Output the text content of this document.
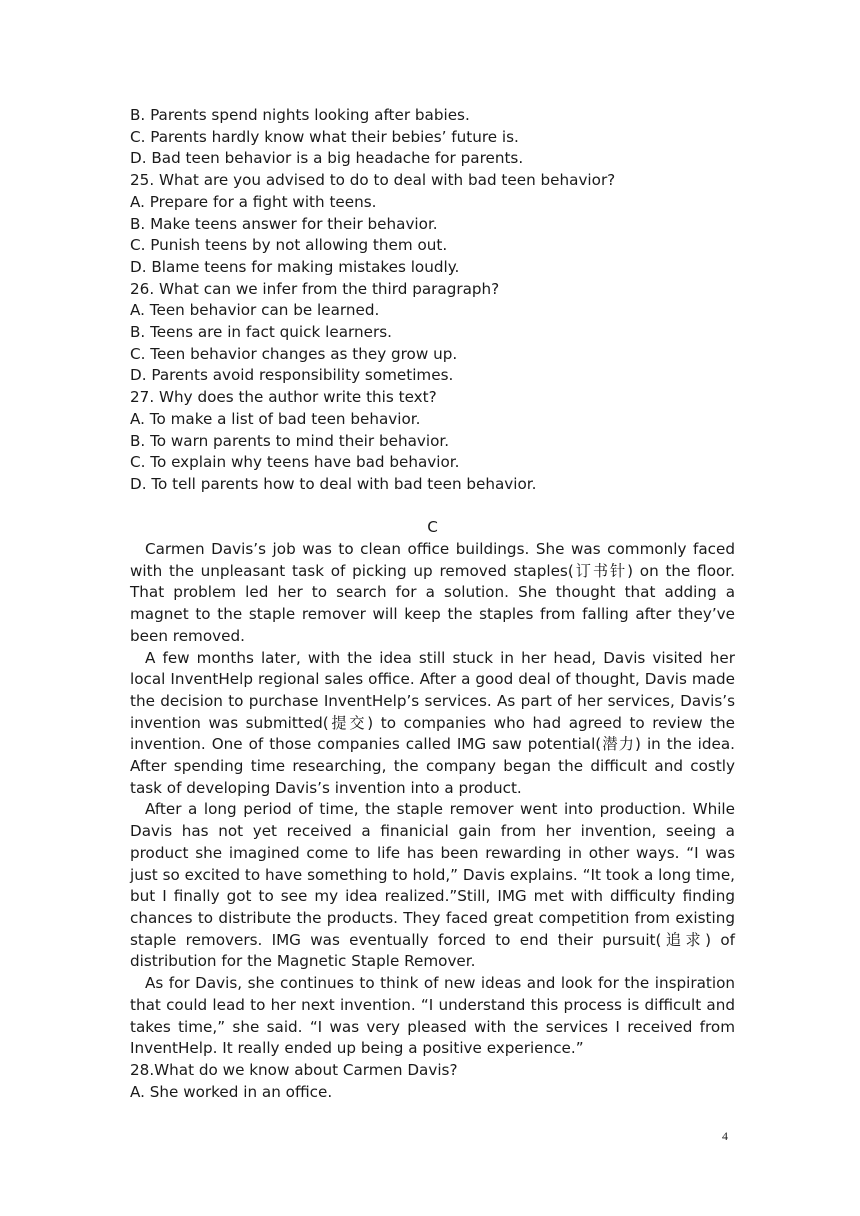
B. Parents spend nights looking after babies.
C. Parents hardly know what their bebies’ future is.
D. Bad teen behavior is a big headache for parents.
25. What are you advised to do to deal with bad teen behavior?
A. Prepare for a fight with teens.
B. Make teens answer for their behavior.
C. Punish teens by not allowing them out.
D. Blame teens for making mistakes loudly.
26. What can we infer from the third paragraph?
A. Teen behavior can be learned.
B. Teens are in fact quick learners.
C. Teen behavior changes as they grow up.
D. Parents avoid responsibility sometimes.
27. Why does the author write this text?
A. To make a list of bad teen behavior.
B. To warn parents to mind their behavior.
C. To explain why teens have bad behavior.
D. To tell parents how to deal with bad teen behavior.
C
Carmen Davis’s job was to clean office buildings. She was commonly faced with the unpleasant task of picking up removed staples(订书针) on the floor. That problem led her to search for a solution. She thought that adding a magnet to the staple remover will keep the staples from falling after they’ve been removed.
A few months later, with the idea still stuck in her head, Davis visited her local InventHelp regional sales office. After a good deal of thought, Davis made the decision to purchase InventHelp’s services. As part of her services, Davis’s invention was submitted(提交) to companies who had agreed to review the invention. One of those companies called IMG saw potential(潜力) in the idea. After spending time researching, the company began the difficult and costly task of developing Davis’s invention into a product.
After a long period of time, the staple remover went into production. While Davis has not yet received a finanicial gain from her invention, seeing a product she imagined come to life has been rewarding in other ways. “I was just so excited to have something to hold,” Davis explains. “It took a long time, but I finally got to see my idea realized.”Still, IMG met with difficulty finding chances to distribute the products. They faced great competition from existing staple removers. IMG was eventually forced to end their pursuit(追求) of distribution for the Magnetic Staple Remover.
As for Davis, she continues to think of new ideas and look for the inspiration that could lead to her next invention. “I understand this process is difficult and takes time,” she said. “I was very pleased with the services I received from InventHelp. It really ended up being a positive experience.”
28.What do we know about Carmen Davis?
A. She worked in an office.
4
